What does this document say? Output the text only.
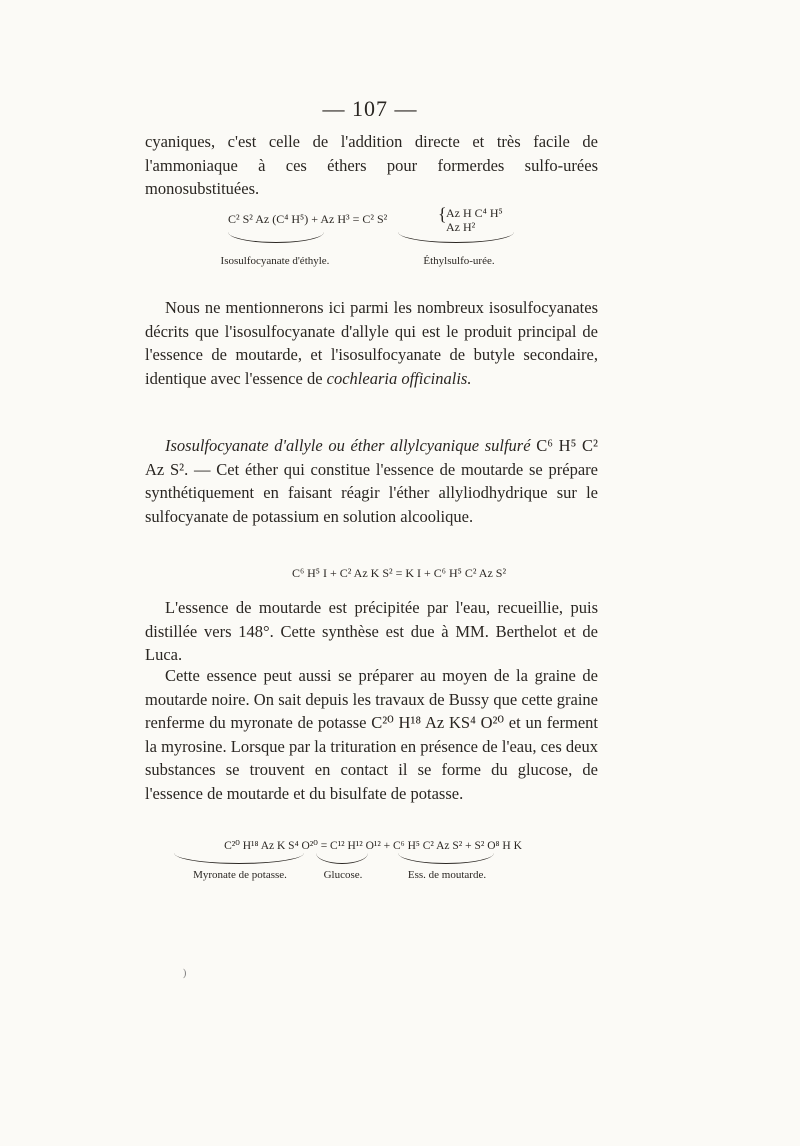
— 107 —

cyaniques, c'est celle de l'addition directe et très facile de l'ammoniaque à ces éthers pour formerdes sulfo-urées monosubstituées.

C² S² Az (C⁴ H⁵) + Az H³ = C² S²	{ Az H C⁴ H⁵
Az H²
Isosulfocyanate d'éthyle.	Éthylsulfo-urée.

Nous ne mentionnerons ici parmi les nombreux isosulfocyanates décrits que l'isosulfocyanate d'allyle qui est le produit principal de l'essence de moutarde, et l'isosulfocyanate de butyle secondaire, identique avec l'essence de cochlearia officinalis.

Isosulfocyanate d'allyle ou éther allylcyanique sulfuré C⁶ H⁵ C² Az S². — Cet éther qui constitue l'essence de moutarde se prépare synthétiquement en faisant réagir l'éther allyliodhydrique sur le sulfocyanate de potassium en solution alcoolique.

C⁶ H⁵ I + C² Az K S² = K I + C⁶ H⁵ C² Az S²

L'essence de moutarde est précipitée par l'eau, recueillie, puis distillée vers 148°. Cette synthèse est due à MM. Berthelot et de Luca.

Cette essence peut aussi se préparer au moyen de la graine de moutarde noire. On sait depuis les travaux de Bussy que cette graine renferme du myronate de potasse C²⁰ H¹⁸ Az KS⁴ O²⁰ et un ferment la myrosine. Lorsque par la trituration en présence de l'eau, ces deux substances se trouvent en contact il se forme du glucose, de l'essence de moutarde et du bisulfate de potasse.

C²⁰ H¹⁸ Az K S⁴ O²⁰ = C¹² H¹² O¹² + C⁶ H⁵ C² Az S² + S² O⁸ H K
Myronate de potasse.	Glucose.	Ess. de moutarde.
)
